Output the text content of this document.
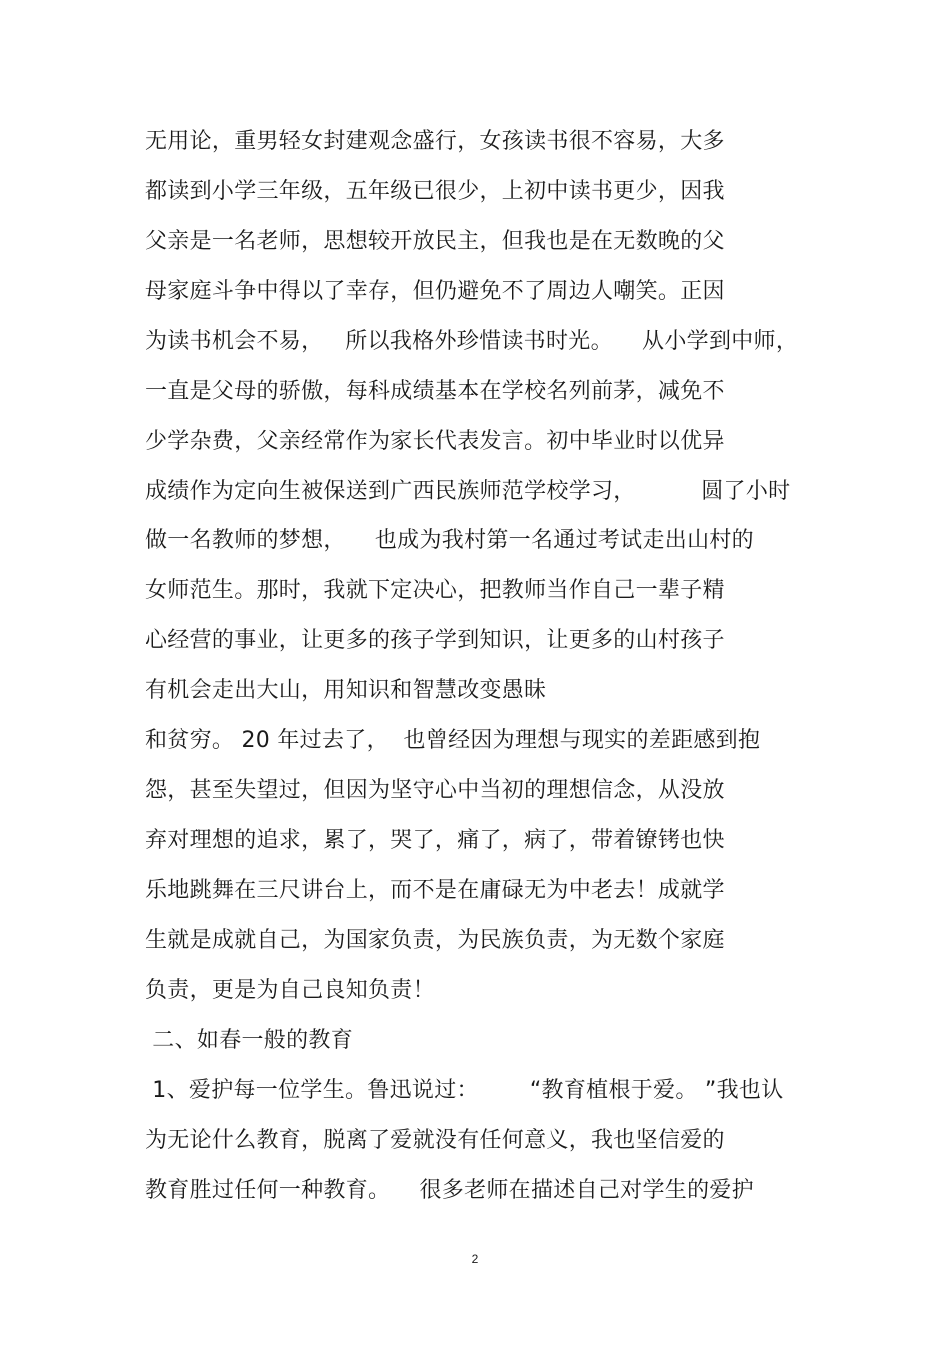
无用论，重男轻女封建观念盛行，女孩读书很不容易，大多
都读到小学三年级，五年级已很少，上初中读书更少，因我
父亲是一名老师，思想较开放民主，但我也是在无数晚的父
母家庭斗争中得以了幸存，但仍避免不了周边人嘲笑。正因
为读书机会不易，   所以我格外珍惜读书时光。    从小学到中师，
一直是父母的骄傲，每科成绩基本在学校名列前茅，减免不
少学杂费，父亲经常作为家长代表发言。初中毕业时以优异
成绩作为定向生被保送到广西民族师范学校学习，         圆了小时
做一名教师的梦想，    也成为我村第一名通过考试走出山村的
女师范生。那时，我就下定决心，把教师当作自己一辈子精
心经营的事业，让更多的孩子学到知识，让更多的山村孩子
有机会走出大山，用知识和智慧改变愚昧
和贫穷。 20 年过去了，  也曾经因为理想与现实的差距感到抱
怨，甚至失望过，但因为坚守心中当初的理想信念，从没放
弃对理想的追求，累了，哭了，痛了，病了，带着镣铐也快
乐地跳舞在三尺讲台上，而不是在庸碌无为中老去！成就学
生就是成就自己，为国家负责，为民族负责，为无数个家庭
负责，更是为自己良知负责！
二、如春一般的教育
1、爱护每一位学生。鲁迅说过：       “教育植根于爱。 ”我也认
为无论什么教育，脱离了爱就没有任何意义，我也坚信爱的
教育胜过任何一种教育。    很多老师在描述自己对学生的爱护
2
